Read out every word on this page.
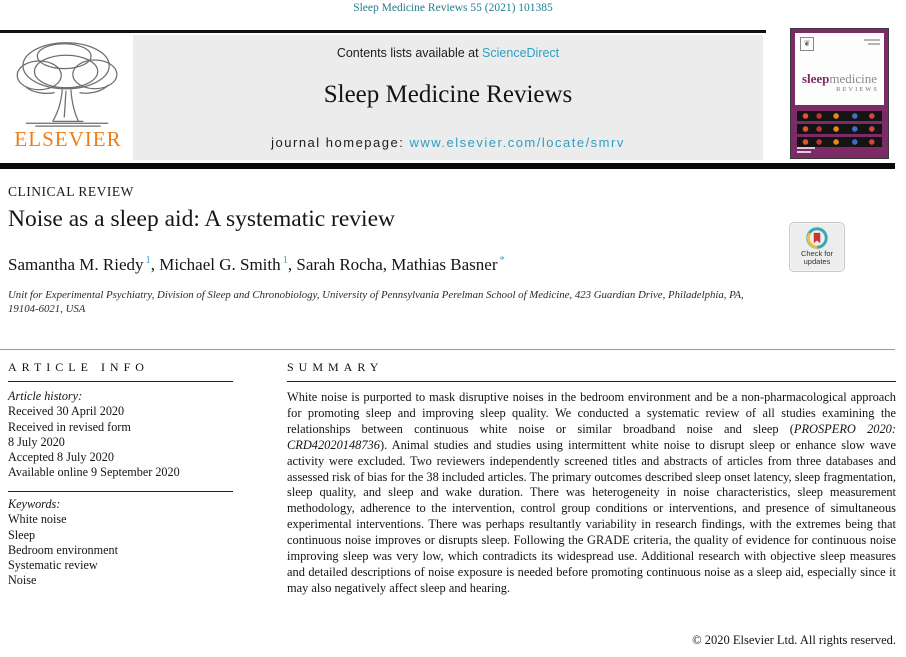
Sleep Medicine Reviews 55 (2021) 101385
ELSEVIER
Contents lists available at ScienceDirect
Sleep Medicine Reviews
journal homepage: www.elsevier.com/locate/smrv
❦
sleepmedicine
REVIEWS
CLINICAL REVIEW
Noise as a sleep aid: A systematic review
Check for
updates
Samantha M. Riedy $^1$, Michael G. Smith $^1$, Sarah Rocha, Mathias Basner *
Unit for Experimental Psychiatry, Division of Sleep and Chronobiology, University of Pennsylvania Perelman School of Medicine, 423 Guardian Drive, Philadelphia, PA, 19104-6021, USA
ARTICLE INFO
Article history:
Received 30 April 2020
Received in revised form
8 July 2020
Accepted 8 July 2020
Available online 9 September 2020
Keywords:
White noise
Sleep
Bedroom environment
Systematic review
Noise
SUMMARY

White noise is purported to mask disruptive noises in the bedroom environment and be a non-pharmacological approach for promoting sleep and improving sleep quality. We conducted a systematic review of all studies examining the relationships between continuous white noise or similar broadband noise and sleep (PROSPERO 2020: CRD42020148736). Animal studies and studies using intermittent white noise to disrupt sleep or enhance slow wave activity were excluded. Two reviewers independently screened titles and abstracts of articles from three databases and assessed risk of bias for the 38 included articles. The primary outcomes described sleep onset latency, sleep fragmentation, sleep quality, and sleep and wake duration. There was heterogeneity in noise characteristics, sleep measurement methodology, adherence to the intervention, control group conditions or interventions, and presence of simultaneous experimental interventions. There was perhaps resultantly variability in research findings, with the extremes being that continuous noise improves or disrupts sleep. Following the GRADE criteria, the quality of evidence for continuous noise improving sleep was very low, which contradicts its widespread use. Additional research with objective sleep measures and detailed descriptions of noise exposure is needed before promoting continuous noise as a sleep aid, especially since it may also negatively affect sleep and hearing.

© 2020 Elsevier Ltd. All rights reserved.
